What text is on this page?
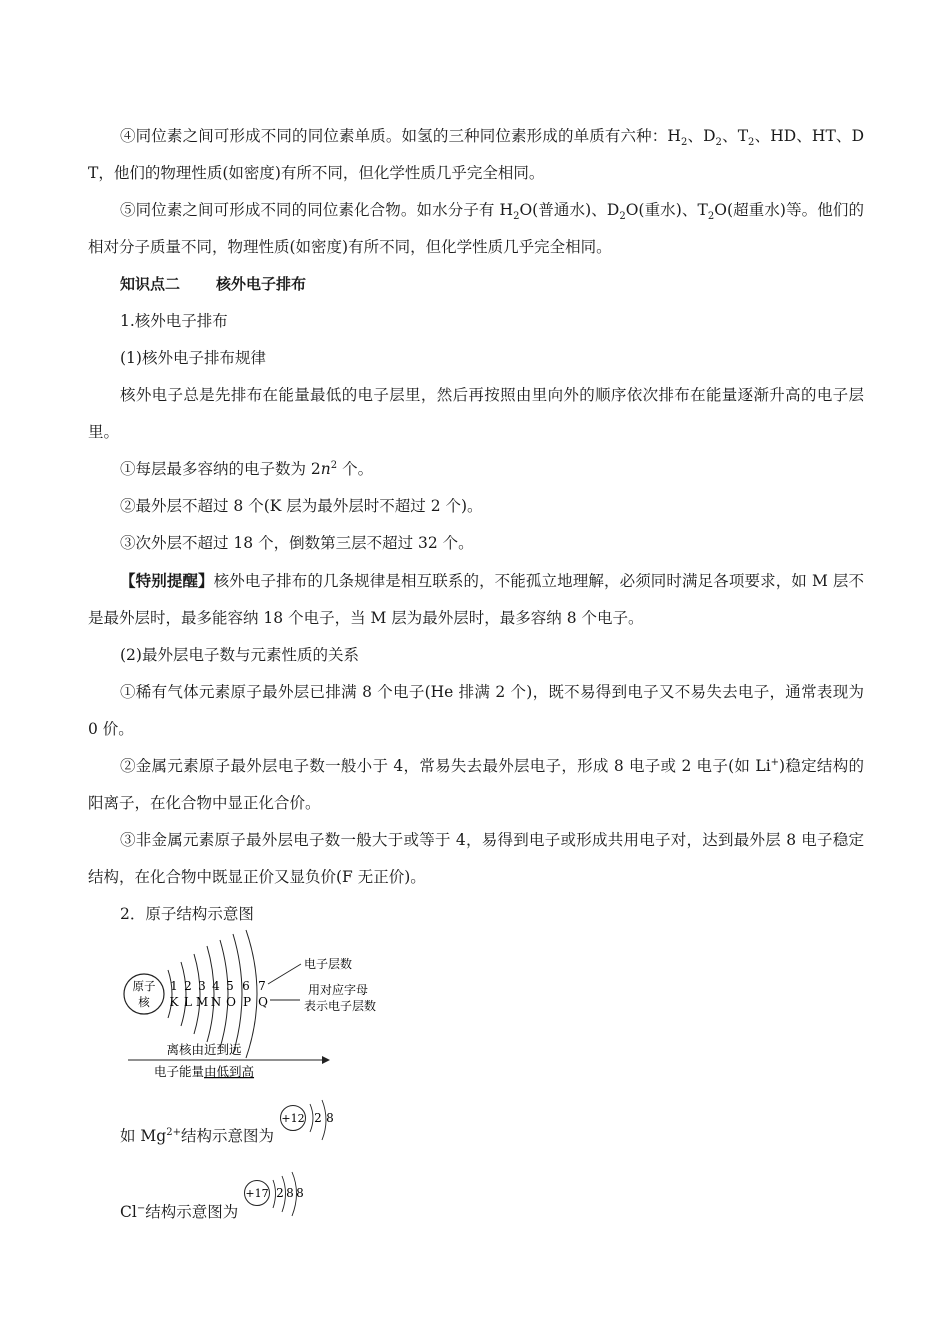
④同位素之间可形成不同的同位素单质。如氢的三种同位素形成的单质有六种：$H_2$、$D_2$、$T_2$、HD、HT、DT，他们的物理性质(如密度)有所不同，但化学性质几乎完全相同。

⑤同位素之间可形成不同的同位素化合物。如水分子有 $H_2O$(普通水)、$D_2O$(重水)、$T_2O$(超重水)等。他们的相对分子质量不同，物理性质(如密度)有所不同，但化学性质几乎完全相同。

知识点二 核外电子排布

1.核外电子排布

(1)核外电子排布规律

核外电子总是先排布在能量最低的电子层里，然后再按照由里向外的顺序依次排布在能量逐渐升高的电子层里。

①每层最多容纳的电子数为 $2n^2$ 个。

②最外层不超过 8 个(K 层为最外层时不超过 2 个)。

③次外层不超过 18 个，倒数第三层不超过 32 个。

【特别提醒】核外电子排布的几条规律是相互联系的，不能孤立地理解，必须同时满足各项要求，如 M 层不是最外层时，最多能容纳 18 个电子，当 M 层为最外层时，最多容纳 8 个电子。

(2)最外层电子数与元素性质的关系

①稀有气体元素原子最外层已排满 8 个电子(He 排满 2 个)，既不易得到电子又不易失去电子，通常表现为 0 价。

②金属元素原子最外层电子数一般小于 4，常易失去最外层电子，形成 8 电子或 2 电子(如 Li+)稳定结构的阳离子，在化合物中显正化合价。

③非金属元素原子最外层电子数一般大于或等于 4，易得到电子或形成共用电子对，达到最外层 8 电子稳定结构，在化合物中既显正价又显负价(F 无正价)。

2．原子结构示意图

原子
核
1 2 3 4 5 6 7
K L M N O P Q
电子层数
用对应字母
表示电子层数
离核由近到远
电子能量由低到高
如 $Mg^{2+}$结构示意图为
+12 2 8
Cl−结构示意图为
+17 2 8 8
